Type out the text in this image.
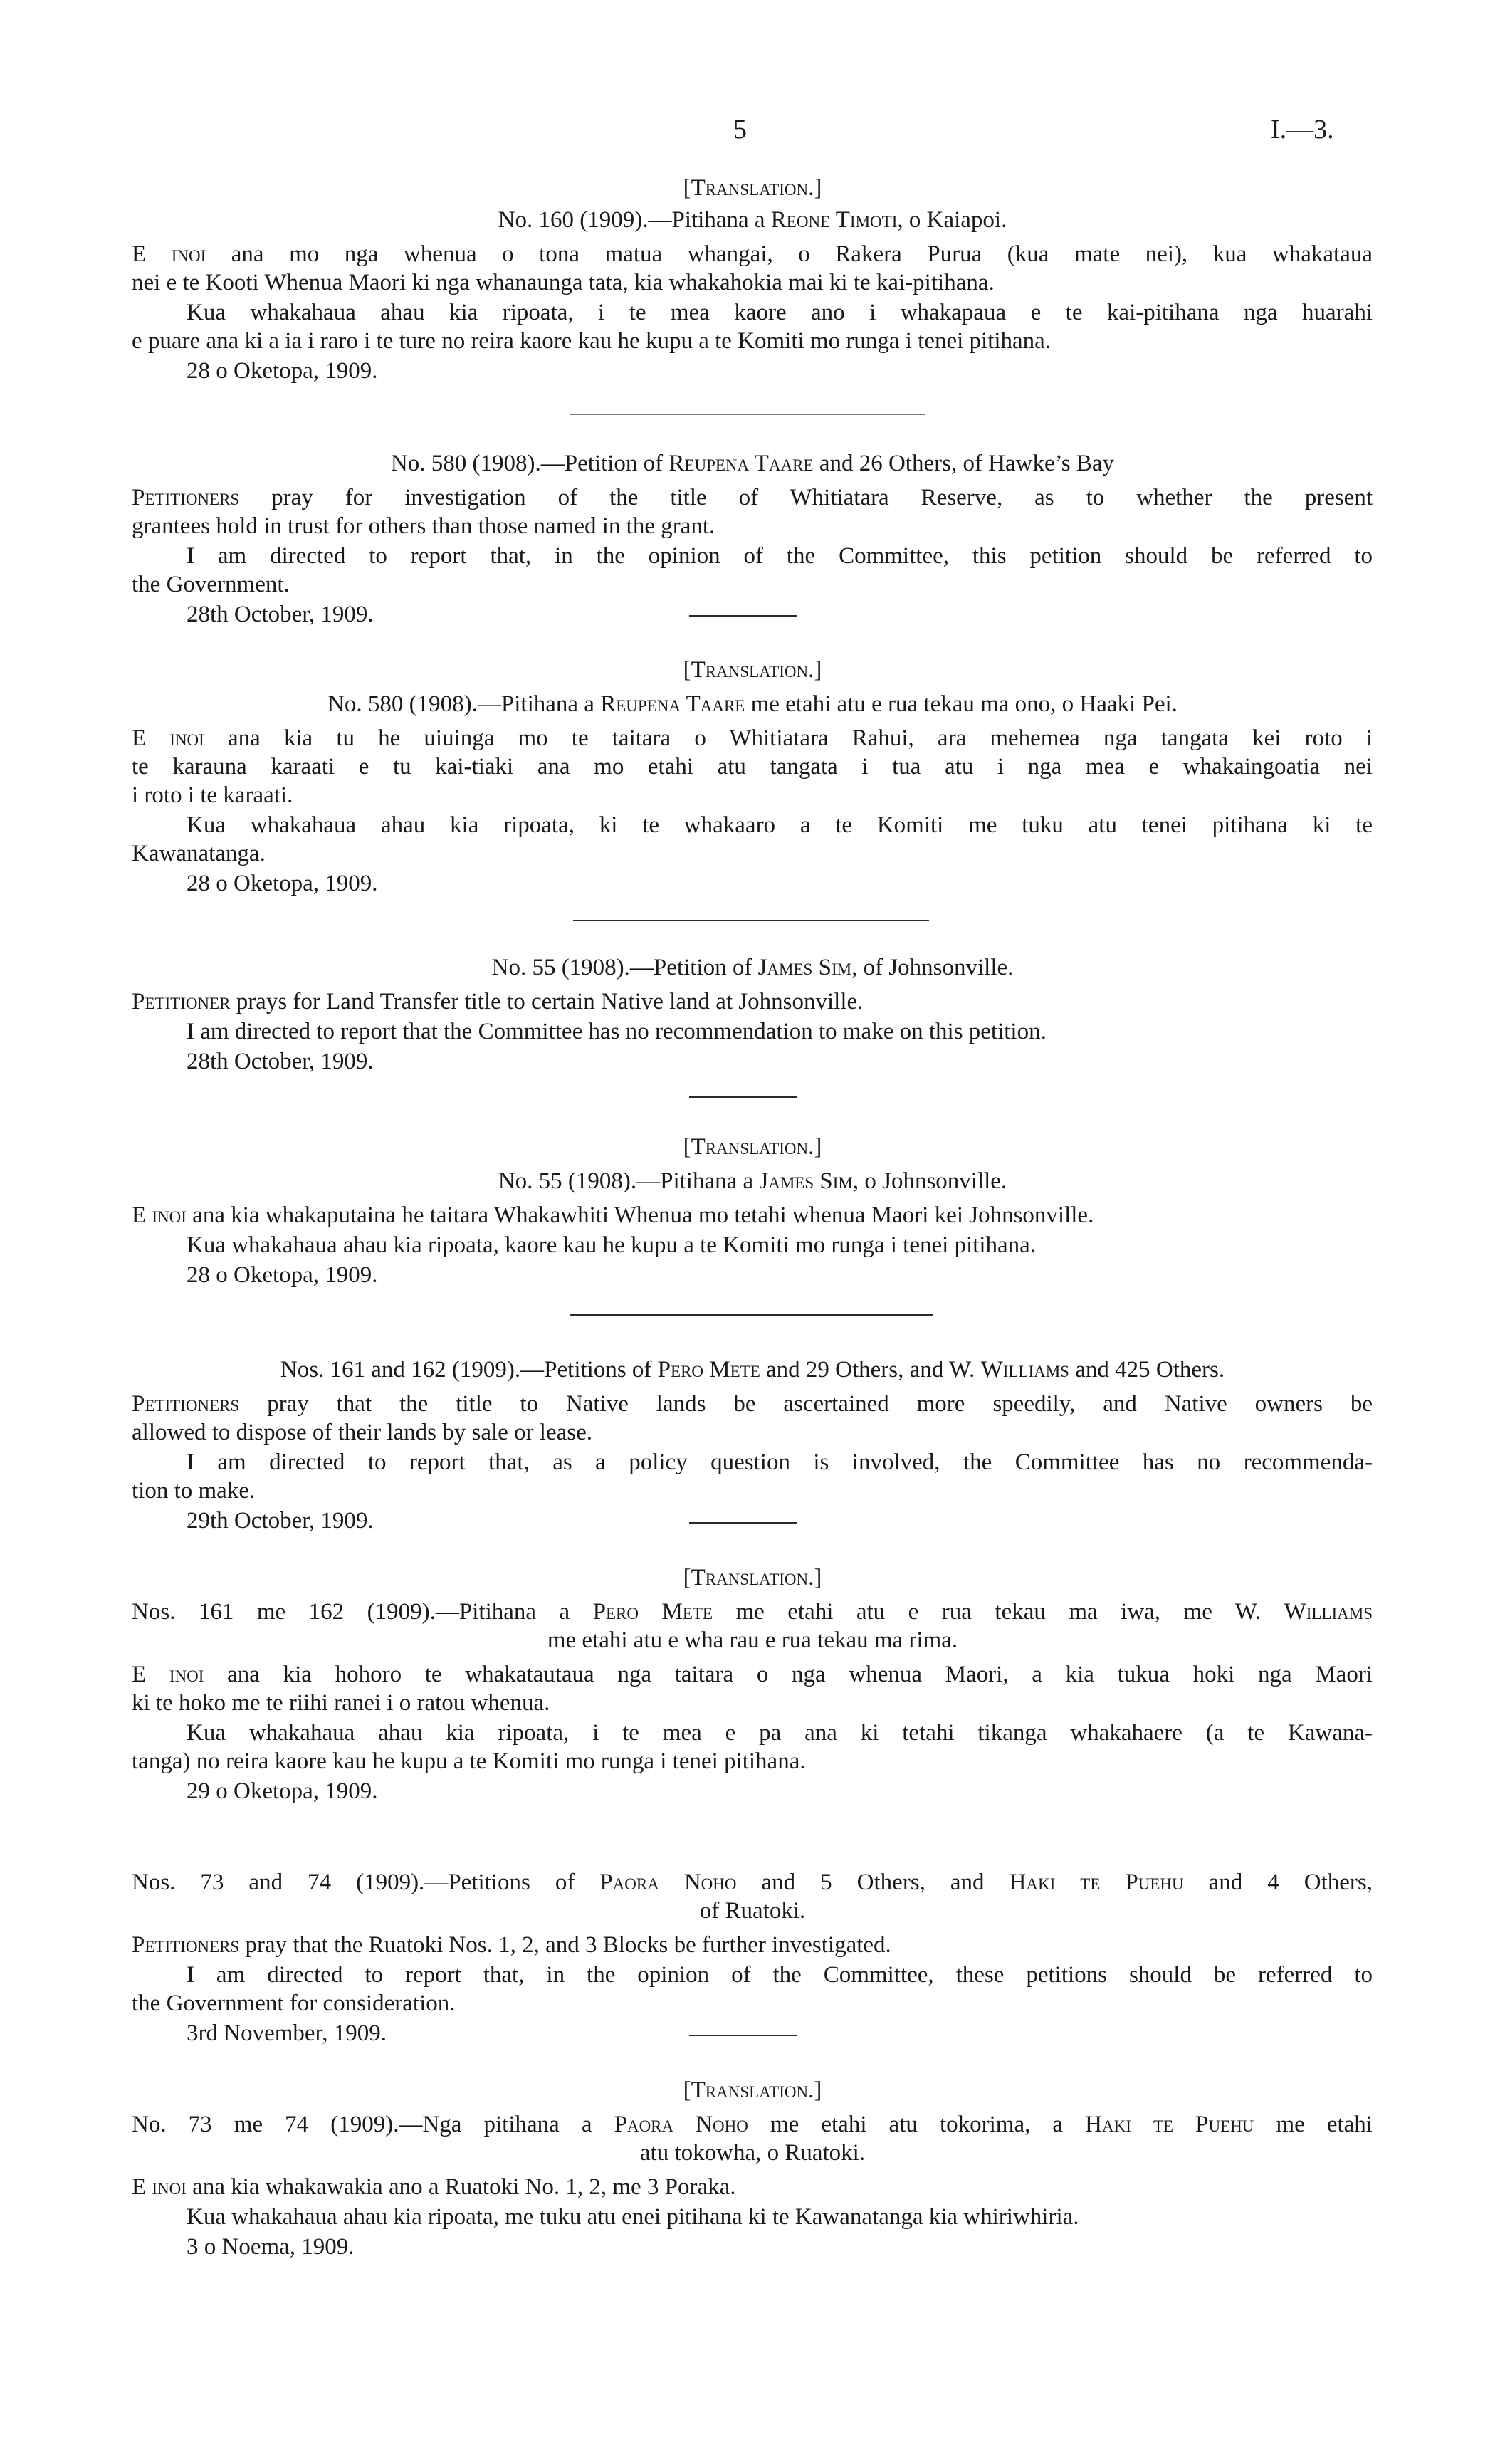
5	I.—3.
[Translation.]
No. 160 (1909).—Pitihana a Reone Timoti, o Kaiapoi.
E inoi ana mo nga whenua o tona matua whangai, o Rakera Purua (kua mate nei), kua whakataua
nei e te Kooti Whenua Maori ki nga whanaunga tata, kia whakahokia mai ki te kai-pitihana.
Kua whakahaua ahau kia ripoata, i te mea kaore ano i whakapaua e te kai-pitihana nga huarahi
e puare ana ki a ia i raro i te ture no reira kaore kau he kupu a te Komiti mo runga i tenei pitihana.
28 o Oketopa, 1909.
No. 580 (1908).—Petition of Reupena Taare and 26 Others, of Hawke’s Bay
Petitioners pray for investigation of the title of Whitiatara Reserve, as to whether the present
grantees hold in trust for others than those named in the grant.
I am directed to report that, in the opinion of the Committee, this petition should be referred to
the Government.
28th October, 1909.
[Translation.]
No. 580 (1908).—Pitihana a Reupena Taare me etahi atu e rua tekau ma ono, o Haaki Pei.
E inoi ana kia tu he uiuinga mo te taitara o Whitiatara Rahui, ara mehemea nga tangata kei roto i
te karauna karaati e tu kai-tiaki ana mo etahi atu tangata i tua atu i nga mea e whakaingoatia nei
i roto i te karaati.
Kua whakahaua ahau kia ripoata, ki te whakaaro a te Komiti me tuku atu tenei pitihana ki te
Kawanatanga.
28 o Oketopa, 1909.
No. 55 (1908).—Petition of James Sim, of Johnsonville.
Petitioner prays for Land Transfer title to certain Native land at Johnsonville.
I am directed to report that the Committee has no recommendation to make on this petition.
28th October, 1909.
[Translation.]
No. 55 (1908).—Pitihana a James Sim, o Johnsonville.
E inoi ana kia whakaputaina he taitara Whakawhiti Whenua mo tetahi whenua Maori kei Johnsonville.
Kua whakahaua ahau kia ripoata, kaore kau he kupu a te Komiti mo runga i tenei pitihana.
28 o Oketopa, 1909.
Nos. 161 and 162 (1909).—Petitions of Pero Mete and 29 Others, and W. Williams and 425 Others.
Petitioners pray that the title to Native lands be ascertained more speedily, and Native owners be
allowed to dispose of their lands by sale or lease.
I am directed to report that, as a policy question is involved, the Committee has no recommenda-
tion to make.
29th October, 1909.
[Translation.]
Nos. 161 me 162 (1909).—Pitihana a Pero Mete me etahi atu e rua tekau ma iwa, me W. Williams
me etahi atu e wha rau e rua tekau ma rima.
E inoi ana kia hohoro te whakatautaua nga taitara o nga whenua Maori, a kia tukua hoki nga Maori
ki te hoko me te riihi ranei i o ratou whenua.
Kua whakahaua ahau kia ripoata, i te mea e pa ana ki tetahi tikanga whakahaere (a te Kawana-
tanga) no reira kaore kau he kupu a te Komiti mo runga i tenei pitihana.
29 o Oketopa, 1909.
Nos. 73 and 74 (1909).—Petitions of Paora Noho and 5 Others, and Haki te Puehu and 4 Others,
of Ruatoki.
Petitioners pray that the Ruatoki Nos. 1, 2, and 3 Blocks be further investigated.
I am directed to report that, in the opinion of the Committee, these petitions should be referred to
the Government for consideration.
3rd November, 1909.
[Translation.]
No. 73 me 74 (1909).—Nga pitihana a Paora Noho me etahi atu tokorima, a Haki te Puehu me etahi
atu tokowha, o Ruatoki.
E inoi ana kia whakawakia ano a Ruatoki No. 1, 2, me 3 Poraka.
Kua whakahaua ahau kia ripoata, me tuku atu enei pitihana ki te Kawanatanga kia whiriwhiria.
3 o Noema, 1909.
